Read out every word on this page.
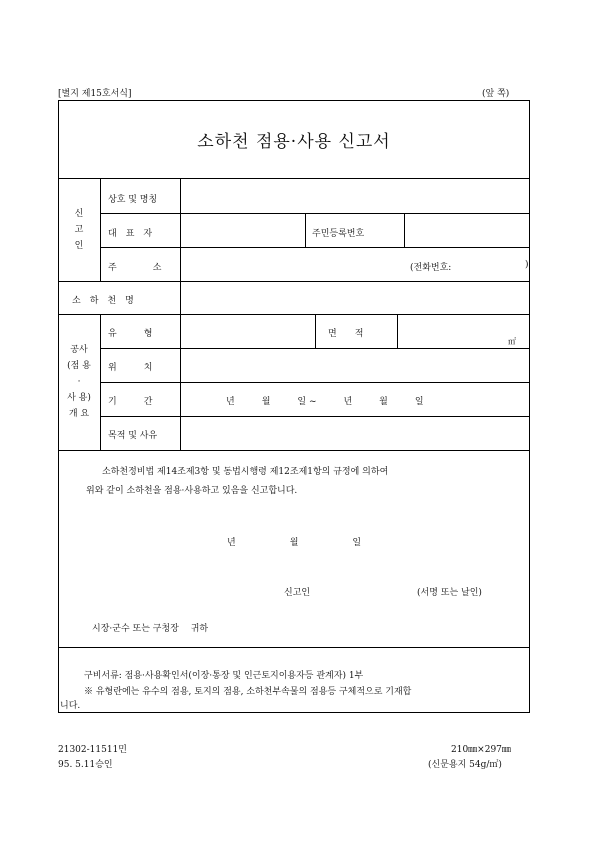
[별지 제15호서식]	(앞 쪽)
소하천 점용·사용 신고서
신
고
인
상호 및 명칭
대　표　자	주민등록번호
주　　　　소	(전화번호:	)
소　하　천　명
공사
(점 용
·
사 용)
개 요
유　　　형	면　　적
㎡
위　　　치
기　　　간	년　　　월　　　일 ~　　　년　　　월　　　일
목적 및 사유
소하천정비법 제14조제3항 및 동법시행령 제12조제1항의 규정에 의하여
위와 같이 소하천을 점용·사용하고 있음을 신고합니다.
년　　　　　　월　　　　　　일
신고인	(서명 또는 날인)
시장·군수 또는 구청장　 귀하
구비서류: 점용·사용확인서(이장·통장 및 인근토지이용자등 관계자) 1부
※ 유형란에는 유수의 점용, 토지의 점용, 소하천부속물의 점용등 구체적으로 기재합
니다.
21302-11511민
95. 5.11승인
210㎜×297㎜
(신문용지 54g/㎡)
